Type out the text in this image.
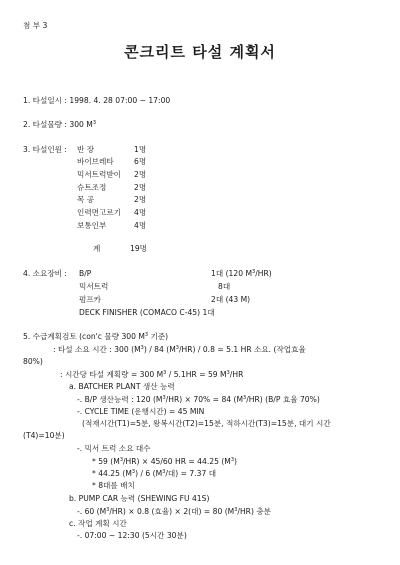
첨 부 3
콘크리트 타설 계획서
1. 타설일시 : 1998. 4. 28 07:00 ~ 17:00
2. 타설물량 : 300 $M^3$
3. 타설인원 : 반 장	1명
바이브레타	6명
믹서트럭받이 2명
슈트조정	2명
목 공	2명
인력면고르기 4명
보통인부	4명
계	19명
4. 소요장비 : B/P	1대 (120 $M^3/HR$)
믹서트럭	8대
펌프카	2대 (43 M)
DECK FINISHER (COMACO C-45) 1대
5. 수급계획검토 (con'c 물량 300 $M^3$ 기준)
: 타설 소요 시간 : 300 $(M^3) / 84$ $(M^3/HR) / 0.8 = 5.1$ HR 소요. (작업효율
80%)
: 시간당 타설 계획량 = 300 $M^3 / 5.1HR = 59$ $M^3/HR$
a. BATCHER PLANT 생산 능력
-. B/P 생산능력 : 120 $(M^3/HR) \times 70\% = 84$ $(M^3/HR)$ (B/P 효율 70%)
-. CYCLE TIME (운행시간) = 45 MIN
(적재시간(T1)=5분, 왕복시간(T2)=15분, 적하시간(T3)=15분, 대기 시간
(T4)=10분)
-. 믹서 트럭 소요 대수
* 59 $(M^3/HR) \times 45/60$ HR = 44.25 $(M^3)$
* 44.25 $(M^3) / 6$ ($M^3/$대) = 7.37 대
* 8대를 배치
b. PUMP CAR 능력 (SHEWING FU 41S)
-. 60 $(M^3/HR) \times 0.8$ (효율) × 2(대) = 80 $(M^3/HR)$ 충분
c. 작업 계획 시간
-. 07:00 ~ 12:30 (5시간 30분)
